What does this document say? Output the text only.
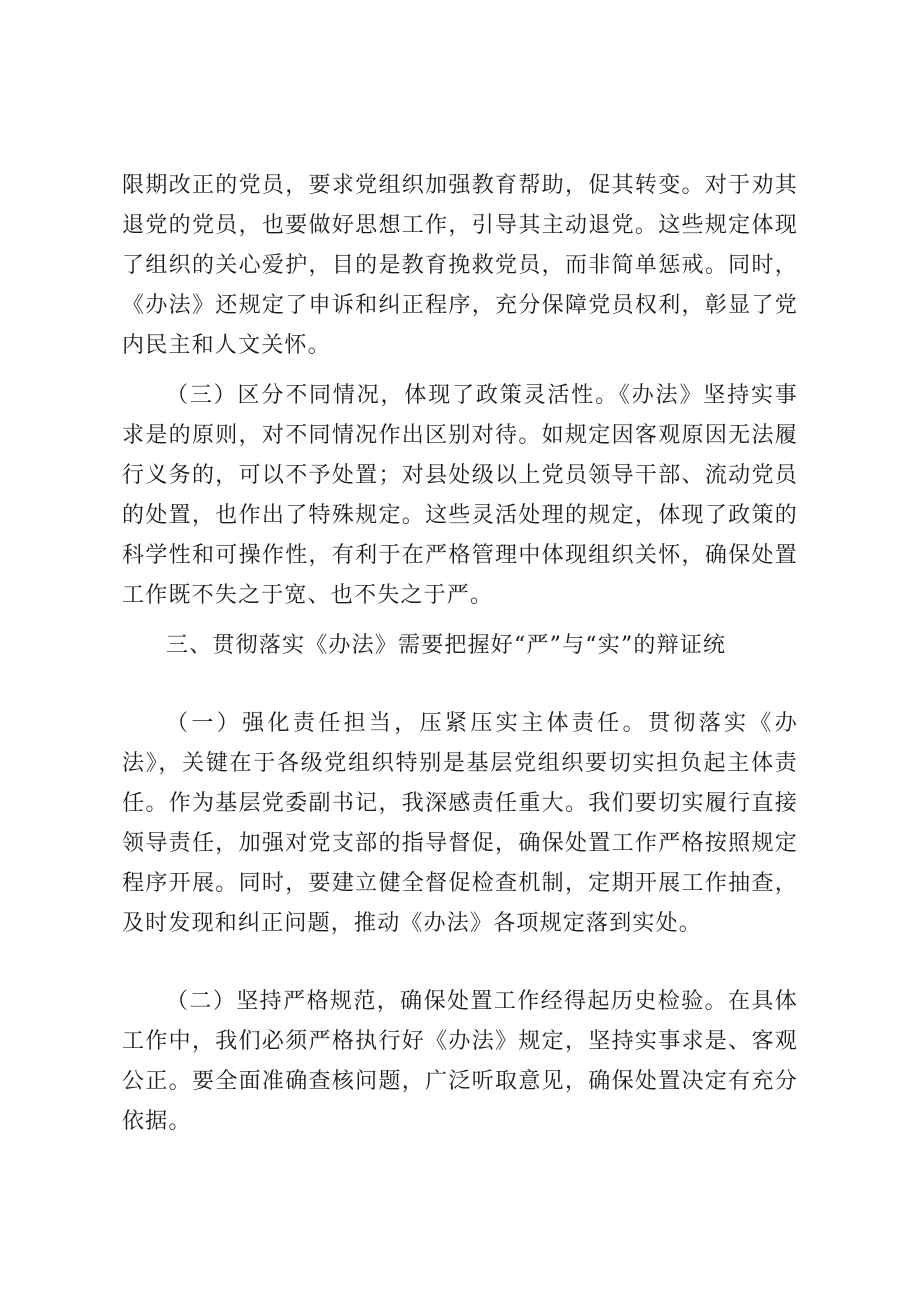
限期改正的党员，要求党组织加强教育帮助，促其转变。对于劝其退党的党员，也要做好思想工作，引导其主动退党。这些规定体现了组织的关心爱护，目的是教育挽救党员，而非简单惩戒。同时，《办法》还规定了申诉和纠正程序，充分保障党员权利，彰显了党内民主和人文关怀。

（三）区分不同情况，体现了政策灵活性。《办法》坚持实事求是的原则，对不同情况作出区别对待。如规定因客观原因无法履行义务的，可以不予处置；对县处级以上党员领导干部、流动党员的处置，也作出了特殊规定。这些灵活处理的规定，体现了政策的科学性和可操作性，有利于在严格管理中体现组织关怀，确保处置工作既不失之于宽、也不失之于严。

三、贯彻落实《办法》需要把握好“严”与“实”的辩证统

（一）强化责任担当，压紧压实主体责任。贯彻落实《办法》，关键在于各级党组织特别是基层党组织要切实担负起主体责任。作为基层党委副书记，我深感责任重大。我们要切实履行直接领导责任，加强对党支部的指导督促，确保处置工作严格按照规定程序开展。同时，要建立健全督促检查机制，定期开展工作抽查，及时发现和纠正问题，推动《办法》各项规定落到实处。

（二）坚持严格规范，确保处置工作经得起历史检验。在具体工作中，我们必须严格执行好《办法》规定，坚持实事求是、客观公正。要全面准确查核问题，广泛听取意见，确保处置决定有充分依据。
